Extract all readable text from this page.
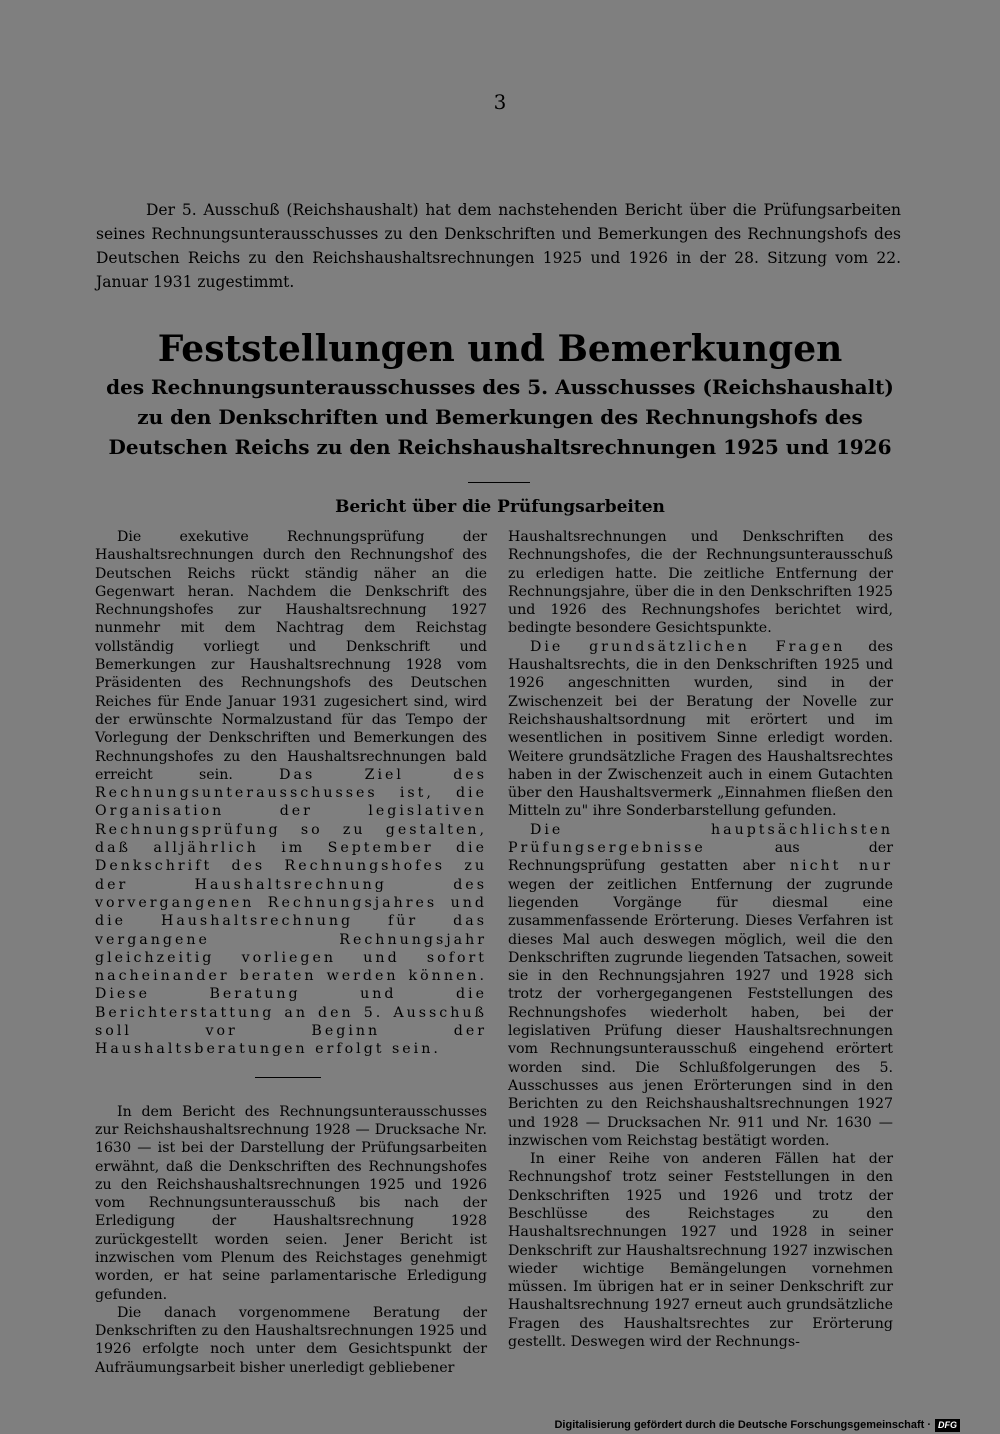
3

Der 5. Ausschuß (Reichshaushalt) hat dem nachstehenden Bericht über die Prüfungsarbeiten seines Rechnungsunterausschusses zu den Denkschriften und Bemerkungen des Rechnungshofs des Deutschen Reichs zu den Reichshaushaltsrechnungen 1925 und 1926 in der 28. Sitzung vom 22. Januar 1931 zugestimmt.

Feststellungen und Bemerkungen
des Rechnungsunterausschusses des 5. Ausschusses (Reichshaushalt) zu den Denkschriften und Bemerkungen des Rechnungshofs des Deutschen Reichs zu den Reichshaushaltsrechnungen 1925 und 1926
Bericht über die Prüfungsarbeiten

Die exekutive Rechnungsprüfung der Haushaltsrechnungen durch den Rechnungshof des Deutschen Reichs rückt ständig näher an die Gegenwart heran. Nachdem die Denkschrift des Rechnungshofes zur Haushaltsrechnung 1927 nunmehr mit dem Nachtrag dem Reichstag vollständig vorliegt und Denkschrift und Bemerkungen zur Haushaltsrechnung 1928 vom Präsidenten des Rechnungshofs des Deutschen Reiches für Ende Januar 1931 zugesichert sind, wird der erwünschte Normalzustand für das Tempo der Vorlegung der Denkschriften und Bemerkungen des Rechnungshofes zu den Haushaltsrechnungen bald erreicht sein.	Das Ziel des Rechnungsunterausschusses ist, die Organisation der legislativen Rechnungsprüfung so zu gestalten, daß alljährlich im September die Denkschrift des Rechnungshofes zu der Haushaltsrechnung des vorvergangenen Rechnungsjahres und die Haushaltsrechnung für das vergangene Rechnungsjahr gleichzeitig vorliegen und sofort nacheinander beraten werden können. Diese Beratung und die Berichterstattung an den 5. Ausschuß soll vor Beginn der Haushaltsberatungen erfolgt sein.

In dem Bericht des Rechnungsunterausschusses zur Reichshaushaltsrechnung 1928 — Drucksache Nr. 1630 — ist bei der Darstellung der Prüfungsarbeiten erwähnt, daß die Denkschriften des Rechnungshofes zu den Reichshaushaltsrechnungen 1925 und 1926 vom Rechnungsunterausschuß bis nach der Erledigung der Haushaltsrechnung 1928 zurückgestellt worden seien. Jener Bericht ist inzwischen vom Plenum des Reichstages genehmigt worden, er hat seine parlamentarische Erledigung gefunden.

Die danach vorgenommene Beratung der Denkschriften zu den Haushaltsrechnungen 1925 und 1926 erfolgte noch unter dem Gesichtspunkt der Aufräumungsarbeit bisher unerledigt gebliebener

Haushaltsrechnungen und Denkschriften des Rechnungshofes, die der Rechnungsunterausschuß zu erledigen hatte. Die zeitliche Entfernung der Rechnungsjahre, über die in den Denkschriften 1925 und 1926 des Rechnungshofes berichtet wird, bedingte besondere Gesichtspunkte.

Die grundsätzlichen Fragen des Haushaltsrechts, die in den Denkschriften 1925 und 1926 angeschnitten wurden, sind in der Zwischenzeit bei der Beratung der Novelle zur Reichshaushaltsordnung mit erörtert und im wesentlichen in positivem Sinne erledigt worden. Weitere grundsätzliche Fragen des Haushaltsrechtes haben in der Zwischenzeit auch in einem Gutachten über den Haushaltsvermerk „Einnahmen fließen den Mitteln zu" ihre Sonderbarstellung gefunden.

Die hauptsächlichsten Prüfungsergebnisse aus der Rechnungsprüfung gestatten aber nicht nur wegen der zeitlichen Entfernung der zugrunde liegenden Vorgänge für diesmal eine zusammenfassende Erörterung. Dieses Verfahren ist dieses Mal auch deswegen möglich, weil die den Denkschriften zugrunde liegenden Tatsachen, soweit sie in den Rechnungsjahren 1927 und 1928 sich trotz der vorhergegangenen Feststellungen des Rechnungshofes wiederholt haben, bei der legislativen Prüfung dieser Haushaltsrechnungen vom Rechnungsunterausschuß eingehend erörtert worden sind. Die Schlußfolgerungen des 5. Ausschusses aus jenen Erörterungen sind in den Berichten zu den Reichshaushaltsrechnungen 1927 und 1928 — Drucksachen Nr. 911 und Nr. 1630 — inzwischen vom Reichstag bestätigt worden.

In einer Reihe von anderen Fällen hat der Rechnungshof trotz seiner Feststellungen in den Denkschriften 1925 und 1926 und trotz der Beschlüsse des Reichstages zu den Haushaltsrechnungen 1927 und 1928 in seiner Denkschrift zur Haushaltsrechnung 1927 inzwischen wieder wichtige Bemängelungen vornehmen müssen. Im übrigen hat er in seiner Denkschrift zur Haushaltsrechnung 1927 erneut auch grundsätzliche Fragen des Haushaltsrechtes zur Erörterung gestellt. Deswegen wird der Rechnungs-

Digitalisierung gefördert durch die Deutsche Forschungsgemeinschaft · DFG
